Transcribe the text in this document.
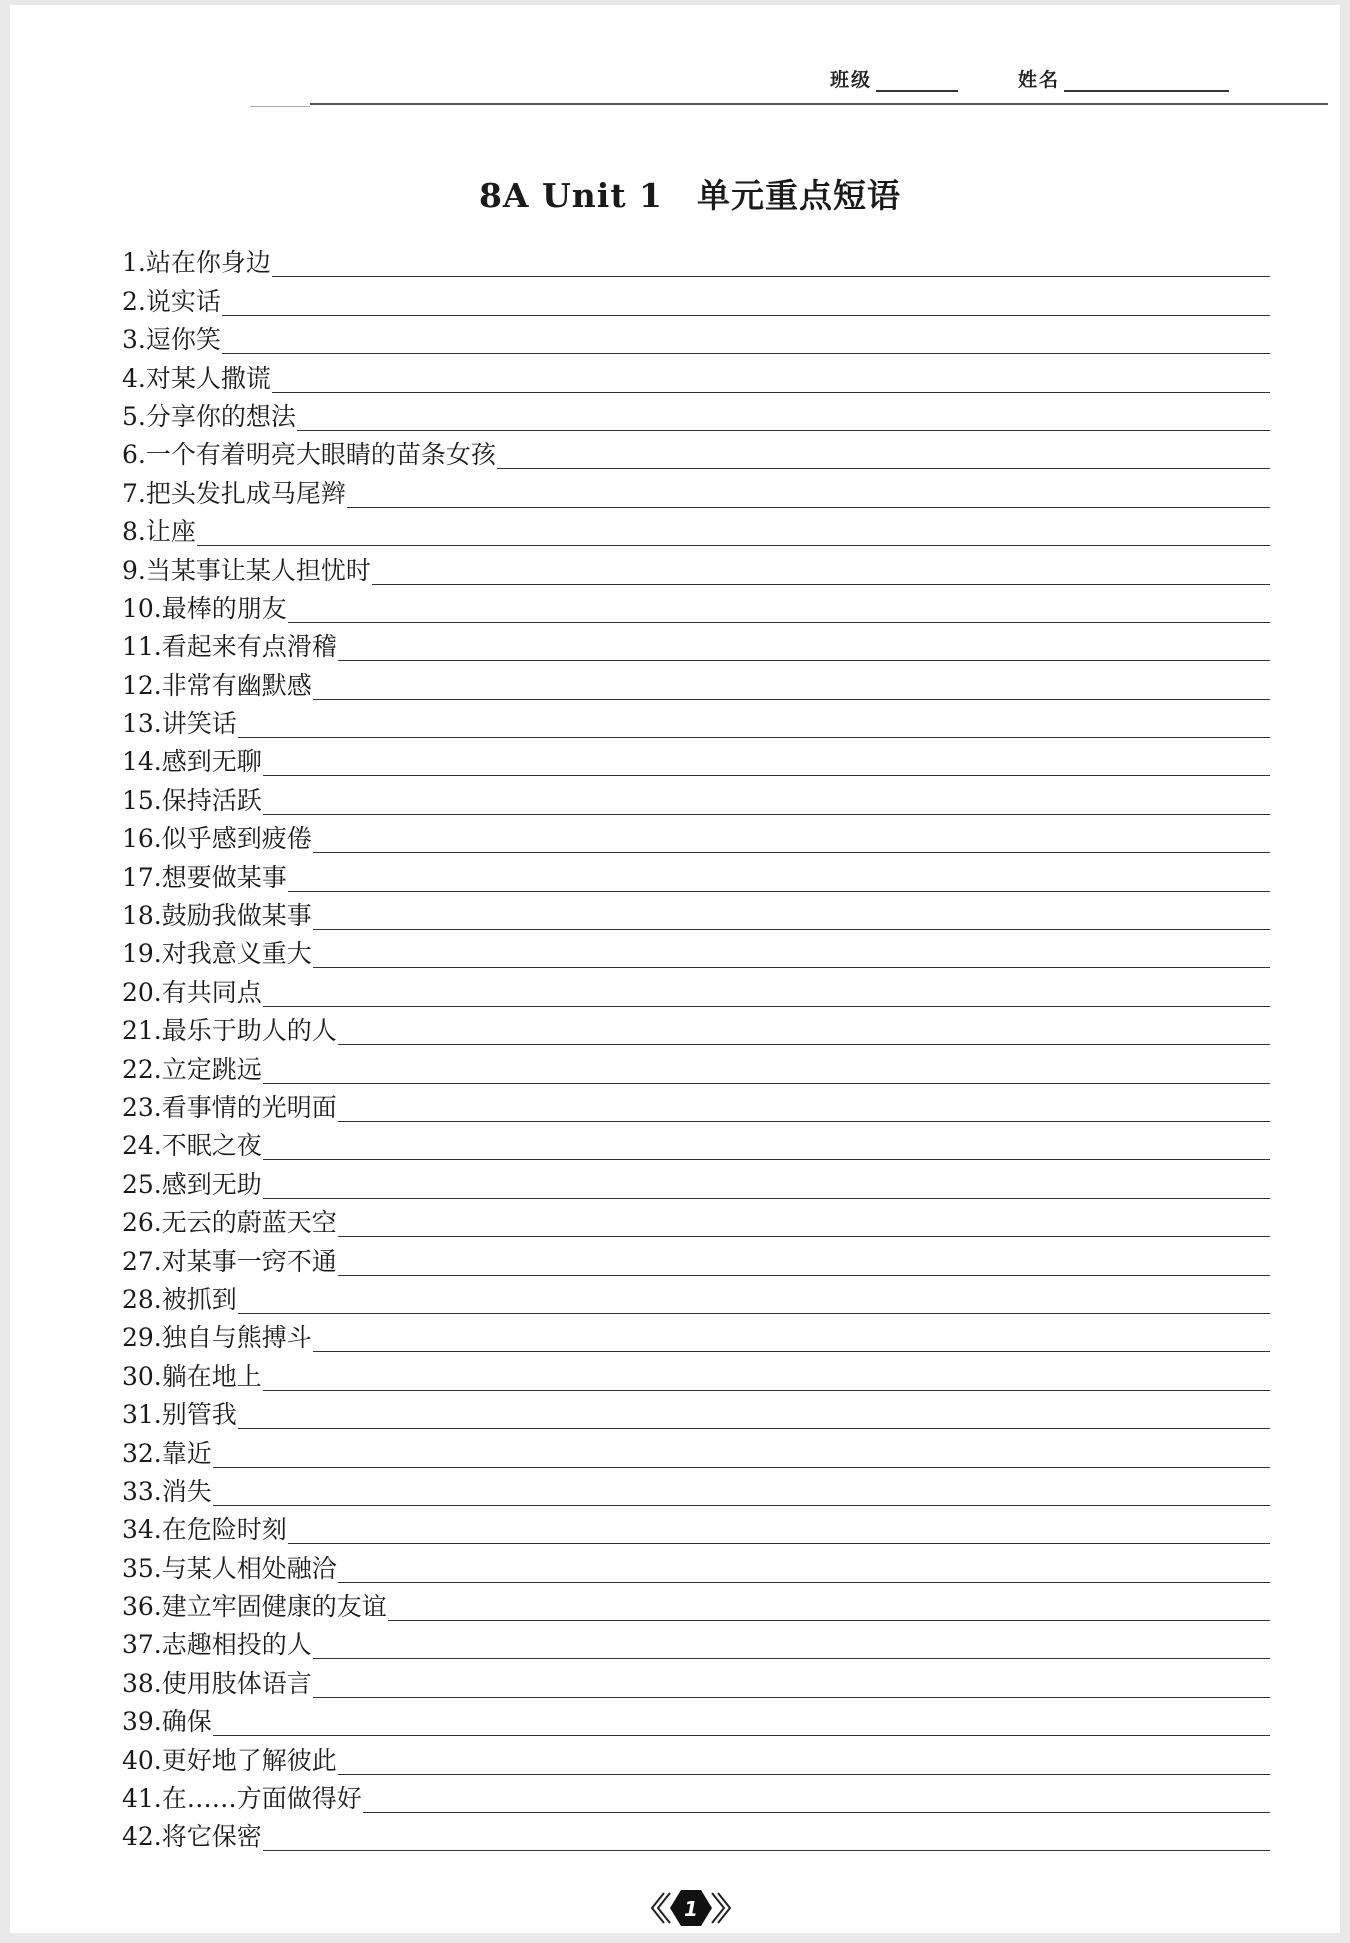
班级	姓名
8A Unit 1 单元重点短语
1. 站在你身边
2. 说实话
3. 逗你笑
4. 对某人撒谎
5. 分享你的想法
6. 一个有着明亮大眼睛的苗条女孩
7. 把头发扎成马尾辫
8. 让座
9. 当某事让某人担忧时
10. 最棒的朋友
11. 看起来有点滑稽
12. 非常有幽默感
13. 讲笑话
14. 感到无聊
15. 保持活跃
16. 似乎感到疲倦
17. 想要做某事
18. 鼓励我做某事
19. 对我意义重大
20. 有共同点
21. 最乐于助人的人
22. 立定跳远
23. 看事情的光明面
24. 不眠之夜
25. 感到无助
26. 无云的蔚蓝天空
27. 对某事一窍不通
28. 被抓到
29. 独自与熊搏斗
30. 躺在地上
31. 别管我
32. 靠近
33. 消失
34. 在危险时刻
35. 与某人相处融洽
36. 建立牢固健康的友谊
37. 志趣相投的人
38. 使用肢体语言
39. 确保
40. 更好地了解彼此
41. 在……方面做得好
42. 将它保密
1
